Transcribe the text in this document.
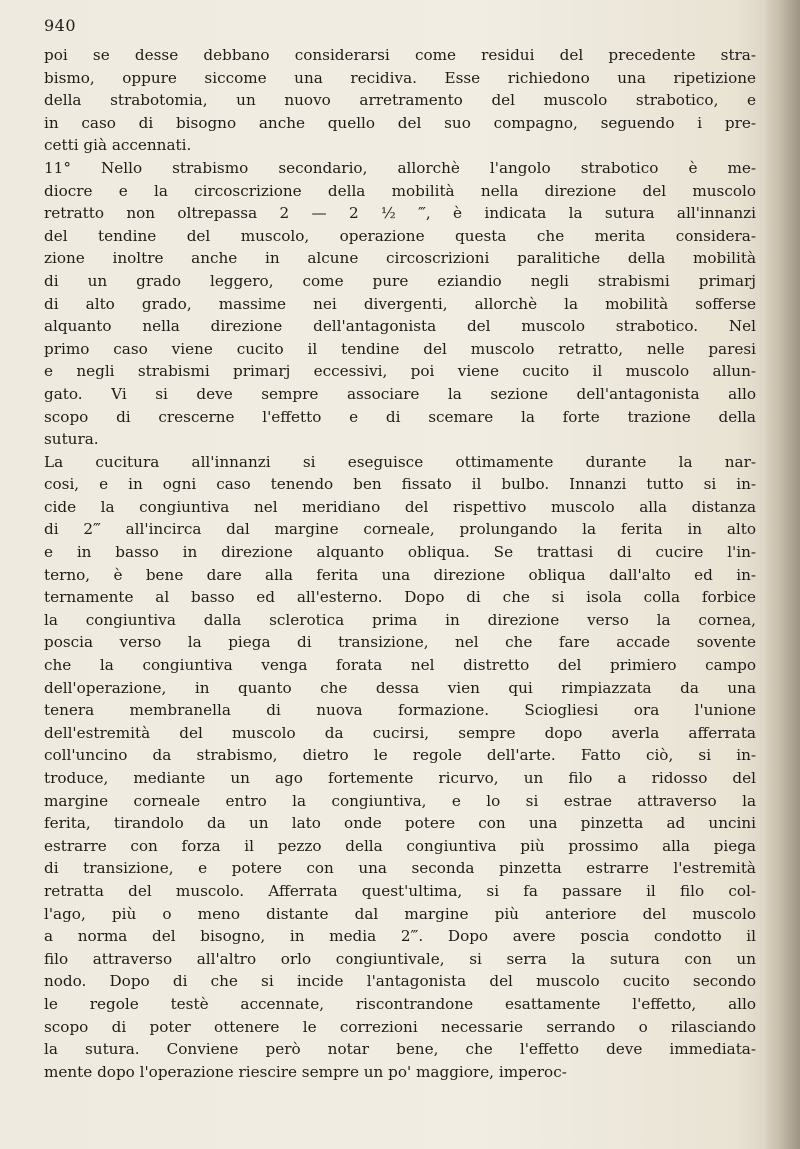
940
poi se desse debbano considerarsi come residui del precedente stra-
bismo, oppure siccome una recidiva. Esse richiedono una ripetizione
della strabotomia, un nuovo arretramento del muscolo strabotico, e
in caso di bisogno anche quello del suo compagno, seguendo i pre-
cetti già accennati.
11° Nello strabismo secondario, allorchè l'angolo strabotico è me-
diocre e la circoscrizione della mobilità nella direzione del muscolo
retratto non oltrepassa 2 — 2 ½ ‴, è indicata la sutura all'innanzi
del tendine del muscolo, operazione questa che merita considera-
zione inoltre anche in alcune circoscrizioni paralitiche della mobilità
di un grado leggero, come pure eziandio negli strabismi primarj
di alto grado, massime nei divergenti, allorchè la mobilità sofferse
alquanto nella direzione dell'antagonista del muscolo strabotico. Nel
primo caso viene cucito il tendine del muscolo retratto, nelle paresi
e negli strabismi primarj eccessivi, poi viene cucito il muscolo allun-
gato. Vi si deve sempre associare la sezione dell'antagonista allo
scopo di crescerne l'effetto e di scemare la forte trazione della
sutura.
La cucitura all'innanzi si eseguisce ottimamente durante la nar-
cosi, e in ogni caso tenendo ben fissato il bulbo. Innanzi tutto si in-
cide la congiuntiva nel meridiano del rispettivo muscolo alla distanza
di 2‴ all'incirca dal margine corneale, prolungando la ferita in alto
e in basso in direzione alquanto obliqua. Se trattasi di cucire l'in-
terno, è bene dare alla ferita una direzione obliqua dall'alto ed in-
ternamente al basso ed all'esterno. Dopo di che si isola colla forbice
la congiuntiva dalla sclerotica prima in direzione verso la cornea,
poscia verso la piega di transizione, nel che fare accade sovente
che la congiuntiva venga forata nel distretto del primiero campo
dell'operazione, in quanto che dessa vien qui rimpiazzata da una
tenera membranella di nuova formazione. Sciogliesi ora l'unione
dell'estremità del muscolo da cucirsi, sempre dopo averla afferrata
coll'uncino da strabismo, dietro le regole dell'arte. Fatto ciò, si in-
troduce, mediante un ago fortemente ricurvo, un filo a ridosso del
margine corneale entro la congiuntiva, e lo si estrae attraverso la
ferita, tirandolo da un lato onde potere con una pinzetta ad uncini
estrarre con forza il pezzo della congiuntiva più prossimo alla piega
di transizione, e potere con una seconda pinzetta estrarre l'estremità
retratta del muscolo. Afferrata quest'ultima, si fa passare il filo col-
l'ago, più o meno distante dal margine più anteriore del muscolo
a norma del bisogno, in media 2‴. Dopo avere poscia condotto il
filo attraverso all'altro orlo congiuntivale, si serra la sutura con un
nodo. Dopo di che si incide l'antagonista del muscolo cucito secondo
le regole testè accennate, riscontrandone esattamente l'effetto, allo
scopo di poter ottenere le correzioni necessarie serrando o rilasciando
la sutura. Conviene però notar bene, che l'effetto deve immediata-
mente dopo l'operazione riescire sempre un po' maggiore, imperoc-
